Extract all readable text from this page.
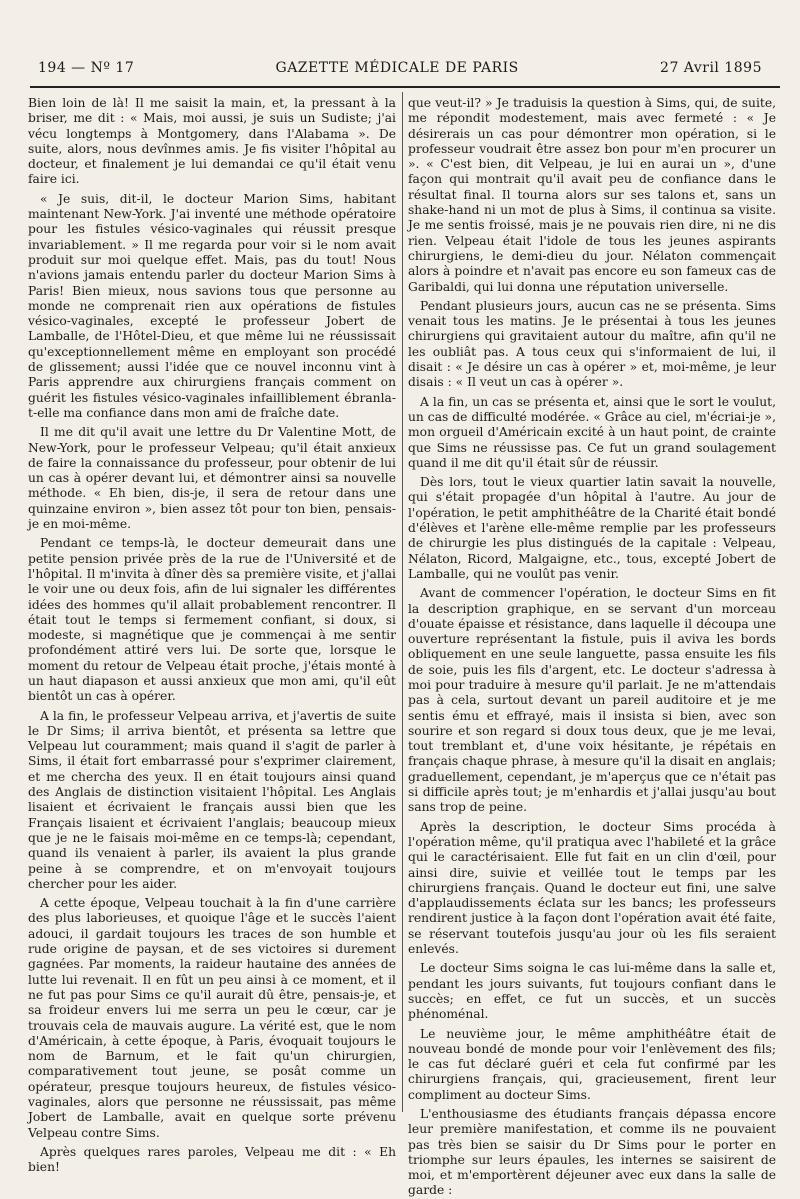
194 — Nº 17	GAZETTE MÉDICALE DE PARIS	27 Avril 1895

Bien loin de là! Il me saisit la main, et, la pressant à la briser, me dit : « Mais, moi aussi, je suis un Sudiste; j'ai vécu longtemps à Montgomery, dans l'Alabama ». De suite, alors, nous devînmes amis. Je fis visiter l'hôpital au docteur, et finalement je lui demandai ce qu'il était venu faire ici.

« Je suis, dit-il, le docteur Marion Sims, habitant maintenant New-York. J'ai inventé une méthode opératoire pour les fistules vésico-vaginales qui réussit presque invariablement. » Il me regarda pour voir si le nom avait produit sur moi quelque effet. Mais, pas du tout! Nous n'avions jamais entendu parler du docteur Marion Sims à Paris! Bien mieux, nous savions tous que personne au monde ne comprenait rien aux opérations de fistules vésico-vaginales, excepté le professeur Jobert de Lamballe, de l'Hôtel-Dieu, et que même lui ne réussissait qu'exceptionnellement même en employant son procédé de glissement; aussi l'idée que ce nouvel inconnu vint à Paris apprendre aux chirurgiens français comment on guérit les fistules vésico-vaginales infailliblement ébranla-t-elle ma confiance dans mon ami de fraîche date.

Il me dit qu'il avait une lettre du Dr Valentine Mott, de New-York, pour le professeur Velpeau; qu'il était anxieux de faire la connaissance du professeur, pour obtenir de lui un cas à opérer devant lui, et démontrer ainsi sa nouvelle méthode. « Eh bien, dis-je, il sera de retour dans une quinzaine environ », bien assez tôt pour ton bien, pensais-je en moi-même.

Pendant ce temps-là, le docteur demeurait dans une petite pension privée près de la rue de l'Université et de l'hôpital. Il m'invita à dîner dès sa première visite, et j'allai le voir une ou deux fois, afin de lui signaler les différentes idées des hommes qu'il allait probablement rencontrer. Il était tout le temps si fermement confiant, si doux, si modeste, si magnétique que je commençai à me sentir profondément attiré vers lui. De sorte que, lorsque le moment du retour de Velpeau était proche, j'étais monté à un haut diapason et aussi anxieux que mon ami, qu'il eût bientôt un cas à opérer.

A la fin, le professeur Velpeau arriva, et j'avertis de suite le Dr Sims; il arriva bientôt, et présenta sa lettre que Velpeau lut couramment; mais quand il s'agit de parler à Sims, il était fort embarrassé pour s'exprimer clairement, et me chercha des yeux. Il en était toujours ainsi quand des Anglais de distinction visitaient l'hôpital. Les Anglais lisaient et écrivaient le français aussi bien que les Français lisaient et écrivaient l'anglais; beaucoup mieux que je ne le faisais moi-même en ce temps-là; cependant, quand ils venaient à parler, ils avaient la plus grande peine à se comprendre, et on m'envoyait toujours chercher pour les aider.

A cette époque, Velpeau touchait à la fin d'une carrière des plus laborieuses, et quoique l'âge et le succès l'aient adouci, il gardait toujours les traces de son humble et rude origine de paysan, et de ses victoires si durement gagnées. Par moments, la raideur hautaine des années de lutte lui revenait. Il en fût un peu ainsi à ce moment, et il ne fut pas pour Sims ce qu'il aurait dû être, pensais-je, et sa froideur envers lui me serra un peu le cœur, car je trouvais cela de mauvais augure. La vérité est, que le nom d'Américain, à cette époque, à Paris, évoquait toujours le nom de Barnum, et le fait qu'un chirurgien, comparativement tout jeune, se posât comme un opérateur, presque toujours heureux, de fistules vésico-vaginales, alors que personne ne réussissait, pas même Jobert de Lamballe, avait en quelque sorte prévenu Velpeau contre Sims.

Après quelques rares paroles, Velpeau me dit : « Eh bien!

que veut-il? » Je traduisis la question à Sims, qui, de suite, me répondit modestement, mais avec fermeté : « Je désirerais un cas pour démontrer mon opération, si le professeur voudrait être assez bon pour m'en procurer un ». « C'est bien, dit Velpeau, je lui en aurai un », d'une façon qui montrait qu'il avait peu de confiance dans le résultat final. Il tourna alors sur ses talons et, sans un shake-hand ni un mot de plus à Sims, il continua sa visite. Je me sentis froissé, mais je ne pouvais rien dire, ni ne dis rien. Velpeau était l'idole de tous les jeunes aspirants chirurgiens, le demi-dieu du jour. Nélaton commençait alors à poindre et n'avait pas encore eu son fameux cas de Garibaldi, qui lui donna une réputation universelle.

Pendant plusieurs jours, aucun cas ne se présenta. Sims venait tous les matins. Je le présentai à tous les jeunes chirurgiens qui gravitaient autour du maître, afin qu'il ne les oubliât pas. A tous ceux qui s'informaient de lui, il disait : « Je désire un cas à opérer » et, moi-même, je leur disais : « Il veut un cas à opérer ».

A la fin, un cas se présenta et, ainsi que le sort le voulut, un cas de difficulté modérée. « Grâce au ciel, m'écriai-je », mon orgueil d'Américain excité à un haut point, de crainte que Sims ne réussisse pas. Ce fut un grand soulagement quand il me dit qu'il était sûr de réussir.

Dès lors, tout le vieux quartier latin savait la nouvelle, qui s'était propagée d'un hôpital à l'autre. Au jour de l'opération, le petit amphithéâtre de la Charité était bondé d'élèves et l'arène elle-même remplie par les professeurs de chirurgie les plus distingués de la capitale : Velpeau, Nélaton, Ricord, Malgaigne, etc., tous, excepté Jobert de Lamballe, qui ne voulût pas venir.

Avant de commencer l'opération, le docteur Sims en fit la description graphique, en se servant d'un morceau d'ouate épaisse et résistance, dans laquelle il découpa une ouverture représentant la fistule, puis il aviva les bords obliquement en une seule languette, passa ensuite les fils de soie, puis les fils d'argent, etc. Le docteur s'adressa à moi pour traduire à mesure qu'il parlait. Je ne m'attendais pas à cela, surtout devant un pareil auditoire et je me sentis ému et effrayé, mais il insista si bien, avec son sourire et son regard si doux tous deux, que je me levai, tout tremblant et, d'une voix hésitante, je répétais en français chaque phrase, à mesure qu'il la disait en anglais; graduellement, cependant, je m'aperçus que ce n'était pas si difficile après tout; je m'enhardis et j'allai jusqu'au bout sans trop de peine.

Après la description, le docteur Sims procéda à l'opération même, qu'il pratiqua avec l'habileté et la grâce qui le caractérisaient. Elle fut fait en un clin d'œil, pour ainsi dire, suivie et veillée tout le temps par les chirurgiens français. Quand le docteur eut fini, une salve d'applaudissements éclata sur les bancs; les professeurs rendirent justice à la façon dont l'opération avait été faite, se réservant toutefois jusqu'au jour où les fils seraient enlevés.

Le docteur Sims soigna le cas lui-même dans la salle et, pendant les jours suivants, fut toujours confiant dans le succès; en effet, ce fut un succès, et un succès phénoménal.

Le neuvième jour, le même amphithéâtre était de nouveau bondé de monde pour voir l'enlèvement des fils; le cas fut déclaré guéri et cela fut confirmé par les chirurgiens français, qui, gracieusement, firent leur compliment au docteur Sims.

L'enthousiasme des étudiants français dépassa encore leur première manifestation, et comme ils ne pouvaient pas très bien se saisir du Dr Sims pour le porter en triomphe sur leurs épaules, les internes se saisirent de moi, et m'emportèrent déjeuner avec eux dans la salle de garde :
